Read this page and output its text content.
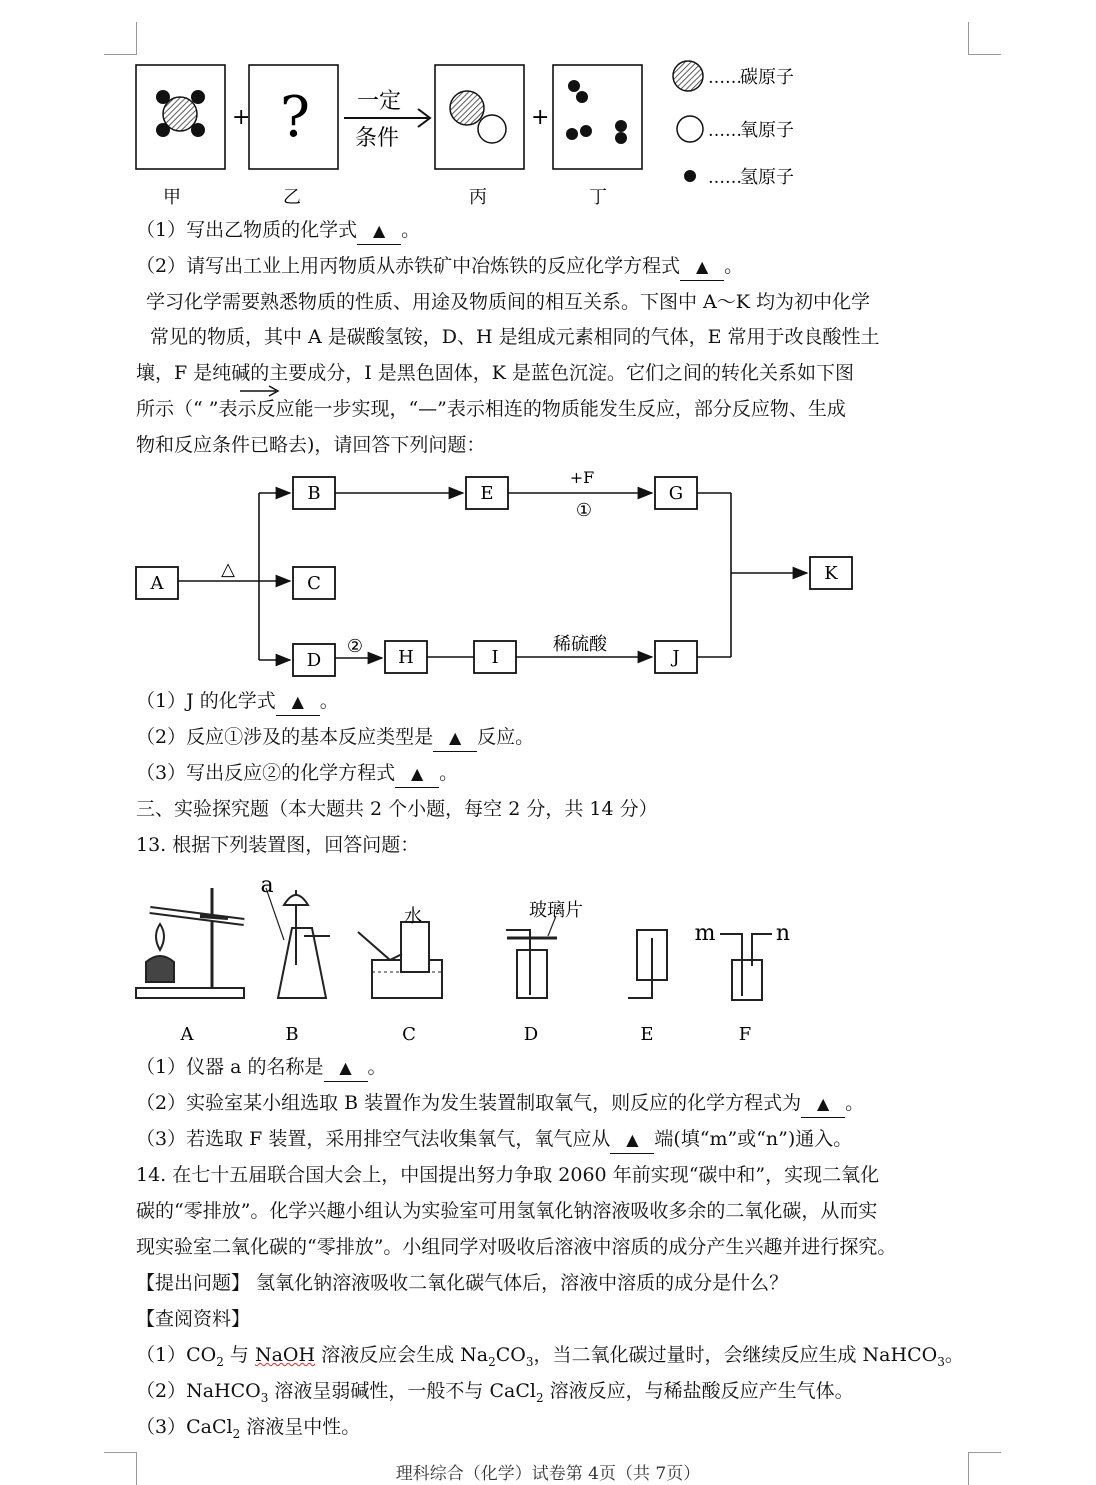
+ ? 一定
条件
+
……
碳原子
……
氧原子
……
氢原子
甲	乙	丙	丁
（1）写出乙物质的化学式 ▲ 。
（2）请写出工业上用丙物质从赤铁矿中冶炼铁的反应化学方程式 ▲ 。
学习化学需要熟悉物质的性质、用途及物质间的相互关系。下图中 A～K 均为初中化学
常见的物质，其中 A 是碳酸氢铵，D、H 是组成元素相同的气体，E 常用于改良酸性土
壤，F 是纯碱的主要成分，I 是黑色固体，K 是蓝色沉淀。它们之间的转化关系如下图
所示（“ ”表示反应能一步实现，“—”表示相连的物质能发生反应，部分反应物、生成
物和反应条件已略去)，请回答下列问题：
A
B
C
D
E	G
H	I	J
K
△
+F
①
②	稀硫酸
（1）J 的化学式 ▲ 。
（2）反应①涉及的基本反应类型是 ▲ 反应。
（3）写出反应②的化学方程式 ▲ 。
三、实验探究题（本大题共 2 个小题，每空 2 分，共 14 分）
13. 根据下列装置图，回答问题：
a
水	玻璃片
m	n
A	B	C	D	E	F
（1）仪器 a 的名称是 ▲ 。
（2）实验室某小组选取 B 装置作为发生装置制取氧气，则反应的化学方程式为 ▲ 。
（3）若选取 F 装置，采用排空气法收集氧气，氧气应从 ▲ 端(填“m”或“n”)通入。
14. 在七十五届联合国大会上，中国提出努力争取 2060 年前实现“碳中和”，实现二氧化
碳的“零排放”。化学兴趣小组认为实验室可用氢氧化钠溶液吸收多余的二氧化碳，从而实
现实验室二氧化碳的“零排放”。小组同学对吸收后溶液中溶质的成分产生兴趣并进行探究。
【提出问题】 氢氧化钠溶液吸收二氧化碳气体后，溶液中溶质的成分是什么？
【查阅资料】
$(1)CO_2$ 与 NaOH 溶液反应会生成 $Na_2CO_3$，当二氧化碳过量时，会继续反应生成 NaHCO$_3$。
（2）NaHCO$_3$ 溶液呈弱碱性，一般不与 CaCl$_2$ 溶液反应，与稀盐酸反应产生气体。
（3）CaCl$_2$ 溶液呈中性。
理科综合（化学）试卷第 4页（共 7页）
